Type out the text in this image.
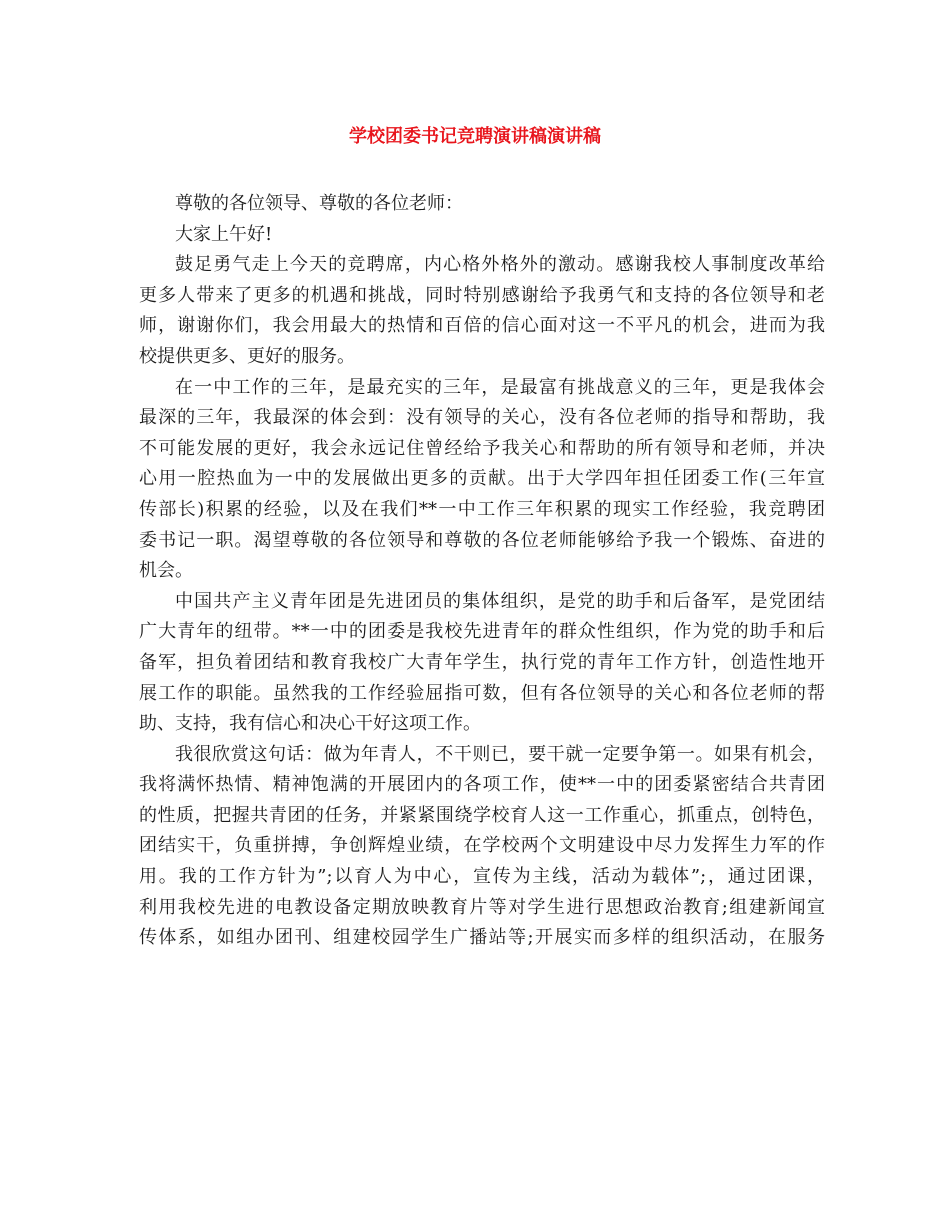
学校团委书记竞聘演讲稿演讲稿
尊敬的各位领导、尊敬的各位老师：
大家上午好!
鼓足勇气走上今天的竞聘席，内心格外格外的激动。感谢我校人事制度改革给
更多人带来了更多的机遇和挑战，同时特别感谢给予我勇气和支持的各位领导和老
师，谢谢你们，我会用最大的热情和百倍的信心面对这一不平凡的机会，进而为我
校提供更多、更好的服务。
在一中工作的三年，是最充实的三年，是最富有挑战意义的三年，更是我体会
最深的三年，我最深的体会到：没有领导的关心，没有各位老师的指导和帮助，我
不可能发展的更好，我会永远记住曾经给予我关心和帮助的所有领导和老师，并决
心用一腔热血为一中的发展做出更多的贡献。出于大学四年担任团委工作(三年宣
传部长)积累的经验，以及在我们**一中工作三年积累的现实工作经验，我竞聘团
委书记一职。渴望尊敬的各位领导和尊敬的各位老师能够给予我一个锻炼、奋进的
机会。
中国共产主义青年团是先进团员的集体组织，是党的助手和后备军，是党团结
广大青年的纽带。**一中的团委是我校先进青年的群众性组织，作为党的助手和后
备军，担负着团结和教育我校广大青年学生，执行党的青年工作方针，创造性地开
展工作的职能。虽然我的工作经验屈指可数，但有各位领导的关心和各位老师的帮
助、支持，我有信心和决心干好这项工作。
我很欣赏这句话：做为年青人，不干则已，要干就一定要争第一。如果有机会，
我将满怀热情、精神饱满的开展团内的各项工作，使**一中的团委紧密结合共青团
的性质，把握共青团的任务，并紧紧围绕学校育人这一工作重心，抓重点，创特色，
团结实干，负重拼搏，争创辉煌业绩，在学校两个文明建设中尽力发挥生力军的作
用。我的工作方针为”;以育人为中心，宣传为主线，活动为载体”;，通过团课，
利用我校先进的电教设备定期放映教育片等对学生进行思想政治教育;组建新闻宣
传体系，如组办团刊、组建校园学生广播站等;开展实而多样的组织活动，在服务
